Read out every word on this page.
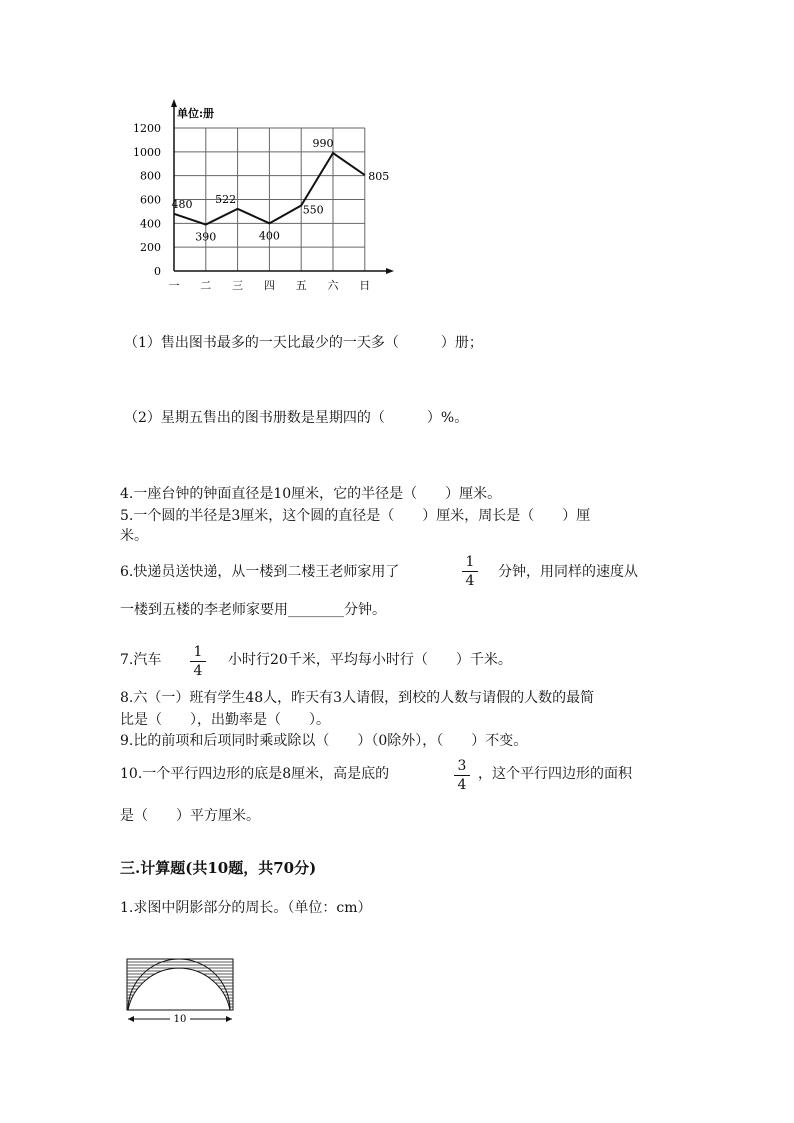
单位:册
0
200
400
600
800
1000
1200
一 二 三 四 五 六 日
480
390
522
400
550
990
805
（1）售出图书最多的一天比最少的一天多（　　　）册；
（2）星期五售出的图书册数是星期四的（　　　）%。
4.一座台钟的钟面直径是10厘米，它的半径是（　　）厘米。
5.一个圆的半径是3厘米，这个圆的直径是（　　）厘米，周长是（　　）厘
米。
6.快递员送快递，从一楼到二楼王老师家用了
1
4
分钟，用同样的速度从
一楼到五楼的李老师家要用________分钟。
7.汽车 1
4
小时行20千米，平均每小时行（　　）千米。
8.六（一）班有学生48人，昨天有3人请假，到校的人数与请假的人数的最简
比是（　　），出勤率是（　　）。
9.比的前项和后项同时乘或除以（　　）（0除外），（　　）不变。
10.一个平行四边形的底是8厘米，高是底的	3
4
，这个平行四边形的面积
是（　　）平方厘米。
三.计算题(共10题，共70分)
1.求图中阴影部分的周长。（单位：cm）
10
